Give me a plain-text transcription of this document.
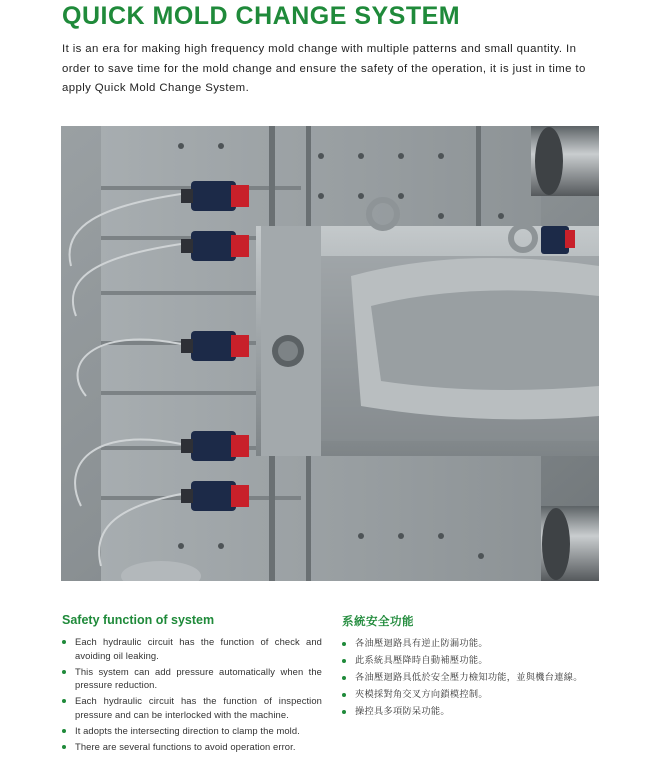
QUICK MOLD CHANGE SYSTEM

It is an era for making high frequency mold change with multiple patterns and small quantity. In order to save time for the mold change and ensure the safety of the operation, it is just in time to apply Quick Mold Change System.

Safety function of system
Each hydraulic circuit has the function of check and avoiding oil leaking.
This system can add pressure automatically when the pressure reduction.
Each hydraulic circuit has the function of inspection pressure and can be interlocked with the machine.
It adopts the intersecting direction to clamp the mold.
There are several functions to avoid operation error.
系統安全功能
各油壓迴路具有逆止防漏功能。
此系統具壓降時自動補壓功能。
各油壓迴路具低於安全壓力檢知功能，並與機台連線。
夾模採對角交叉方向鎖模控制。
操控具多項防呆功能。
